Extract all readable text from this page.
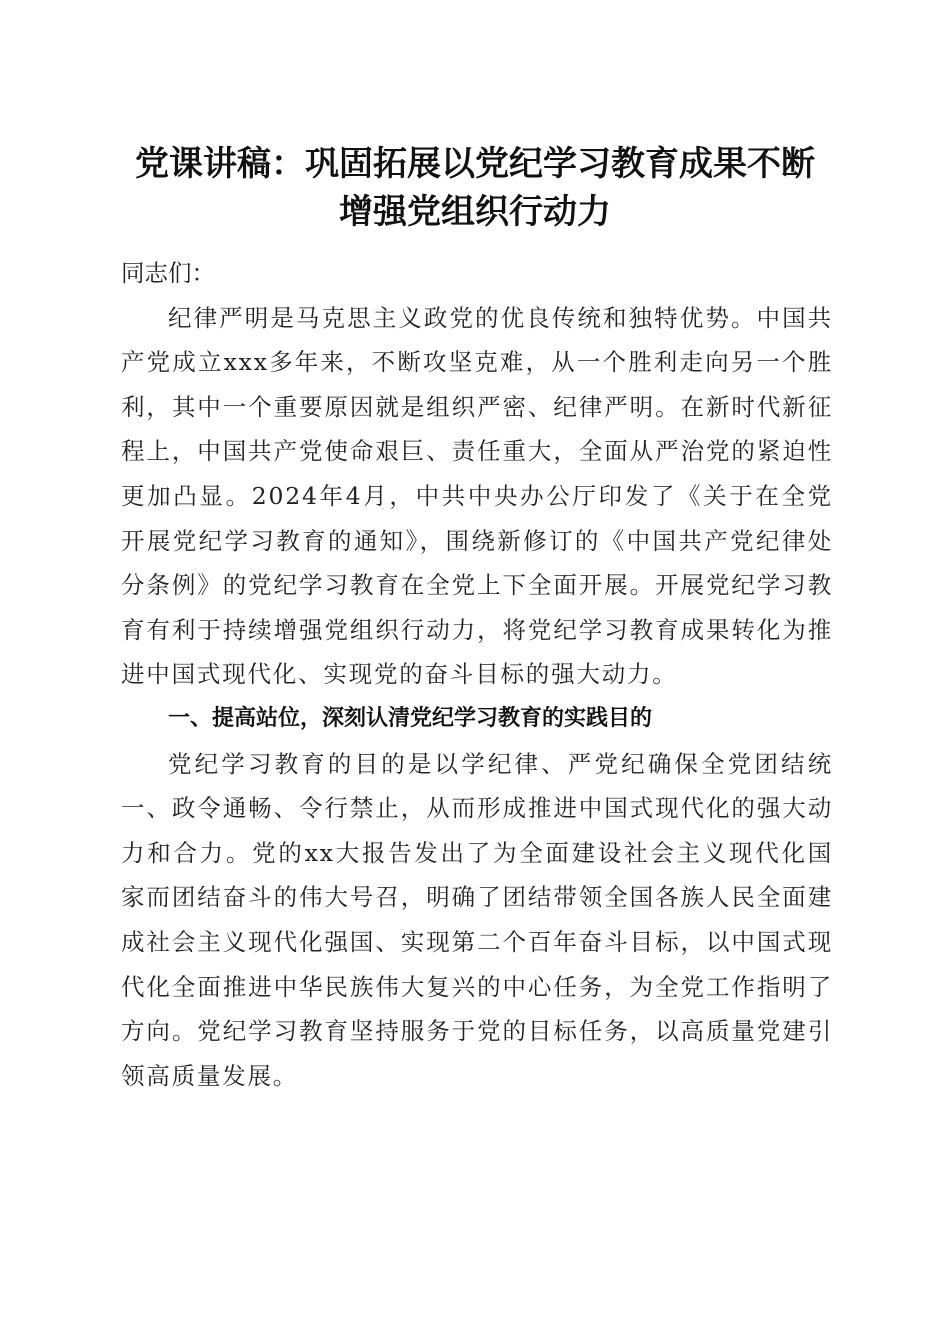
党课讲稿：巩固拓展以党纪学习教育成果不断
增强党组织行动力

同志们：

纪律严明是马克思主义政党的优良传统和独特优势。中国共产党成立xxx多年来，不断攻坚克难，从一个胜利走向另一个胜利，其中一个重要原因就是组织严密、纪律严明。在新时代新征程上，中国共产党使命艰巨、责任重大，全面从严治党的紧迫性更加凸显。2024年4月，中共中央办公厅印发了《关于在全党开展党纪学习教育的通知》，围绕新修订的《中国共产党纪律处分条例》的党纪学习教育在全党上下全面开展。开展党纪学习教育有利于持续增强党组织行动力，将党纪学习教育成果转化为推进中国式现代化、实现党的奋斗目标的强大动力。

一、提高站位，深刻认清党纪学习教育的实践目的

党纪学习教育的目的是以学纪律、严党纪确保全党团结统一、政令通畅、令行禁止，从而形成推进中国式现代化的强大动力和合力。党的xx大报告发出了为全面建设社会主义现代化国家而团结奋斗的伟大号召，明确了团结带领全国各族人民全面建成社会主义现代化强国、实现第二个百年奋斗目标，以中国式现代化全面推进中华民族伟大复兴的中心任务，为全党工作指明了方向。党纪学习教育坚持服务于党的目标任务，以高质量党建引领高质量发展。
